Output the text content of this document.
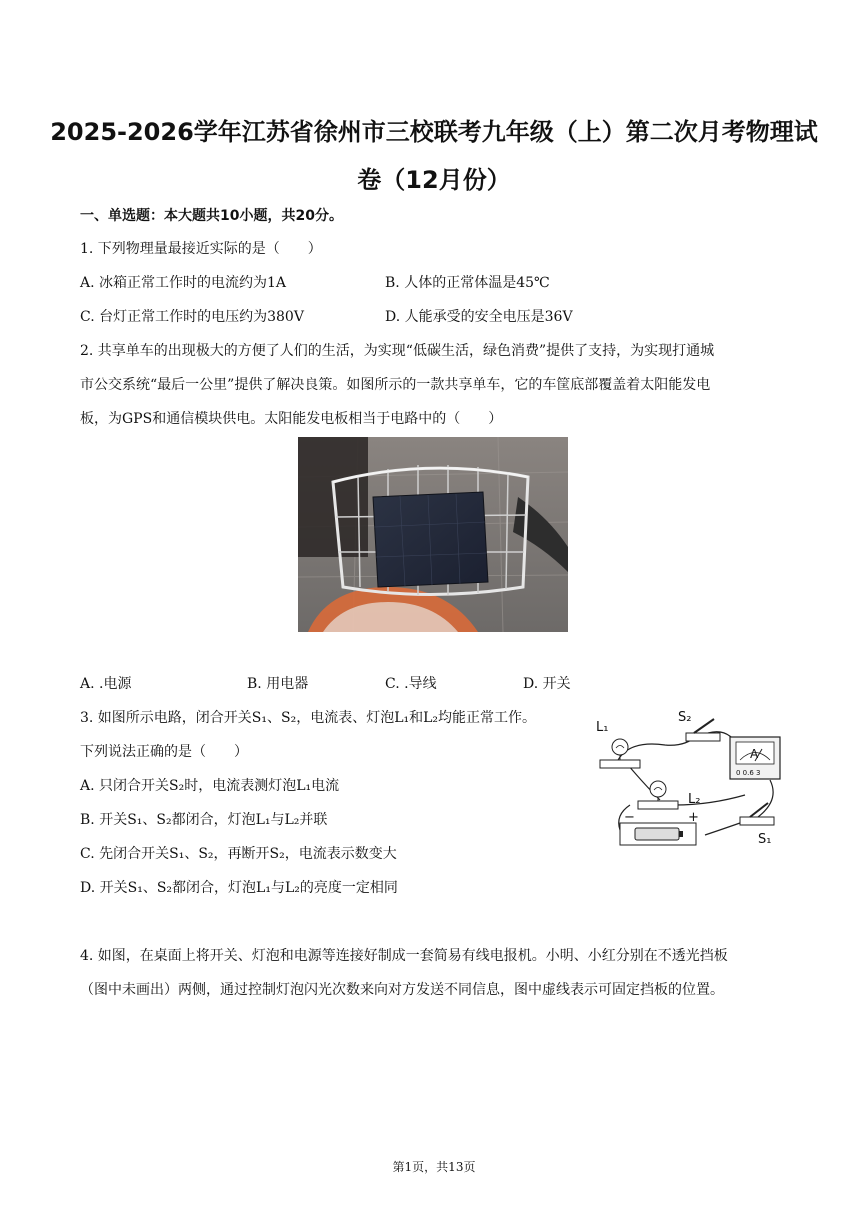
2025-2026学年江苏省徐州市三校联考九年级（上）第二次月考物理试
卷（12月份）
一、单选题：本大题共10小题，共20分。
1. 下列物理量最接近实际的是（　　）
A. 冰箱正常工作时的电流约为1A	B. 人体的正常体温是45℃
C. 台灯正常工作时的电压约为380V	D. 人能承受的安全电压是36V
2. 共享单车的出现极大的方便了人们的生活，为实现“低碳生活，绿色消费”提供了支持，为实现打通城
市公交系统“最后一公里”提供了解决良策。如图所示的一款共享单车，它的车筐底部覆盖着太阳能发电
板，为GPS和通信模块供电。太阳能发电板相当于电路中的（　　）
A. .电源	B. 用电器	C. .导线	D. 开关
3. 如图所示电路，闭合开关S₁、S₂，电流表、灯泡L₁和L₂均能正常工作。
下列说法正确的是（　　）
A. 只闭合开关S₂时，电流表测灯泡L₁电流
B. 开关S₁、S₂都闭合，灯泡L₁与L₂并联
C. 先闭合开关S₁、S₂，再断开S₂，电流表示数变大
D. 开关S₁、S₂都闭合，灯泡L₁与L₂的亮度一定相同
L₁
L₂
S₂
S₁
A
0 0.6 3
−	+
4. 如图，在桌面上将开关、灯泡和电源等连接好制成一套简易有线电报机。小明、小红分别在不透光挡板
（图中未画出）两侧，通过控制灯泡闪光次数来向对方发送不同信息，图中虚线表示可固定挡板的位置。
第1页，共13页
